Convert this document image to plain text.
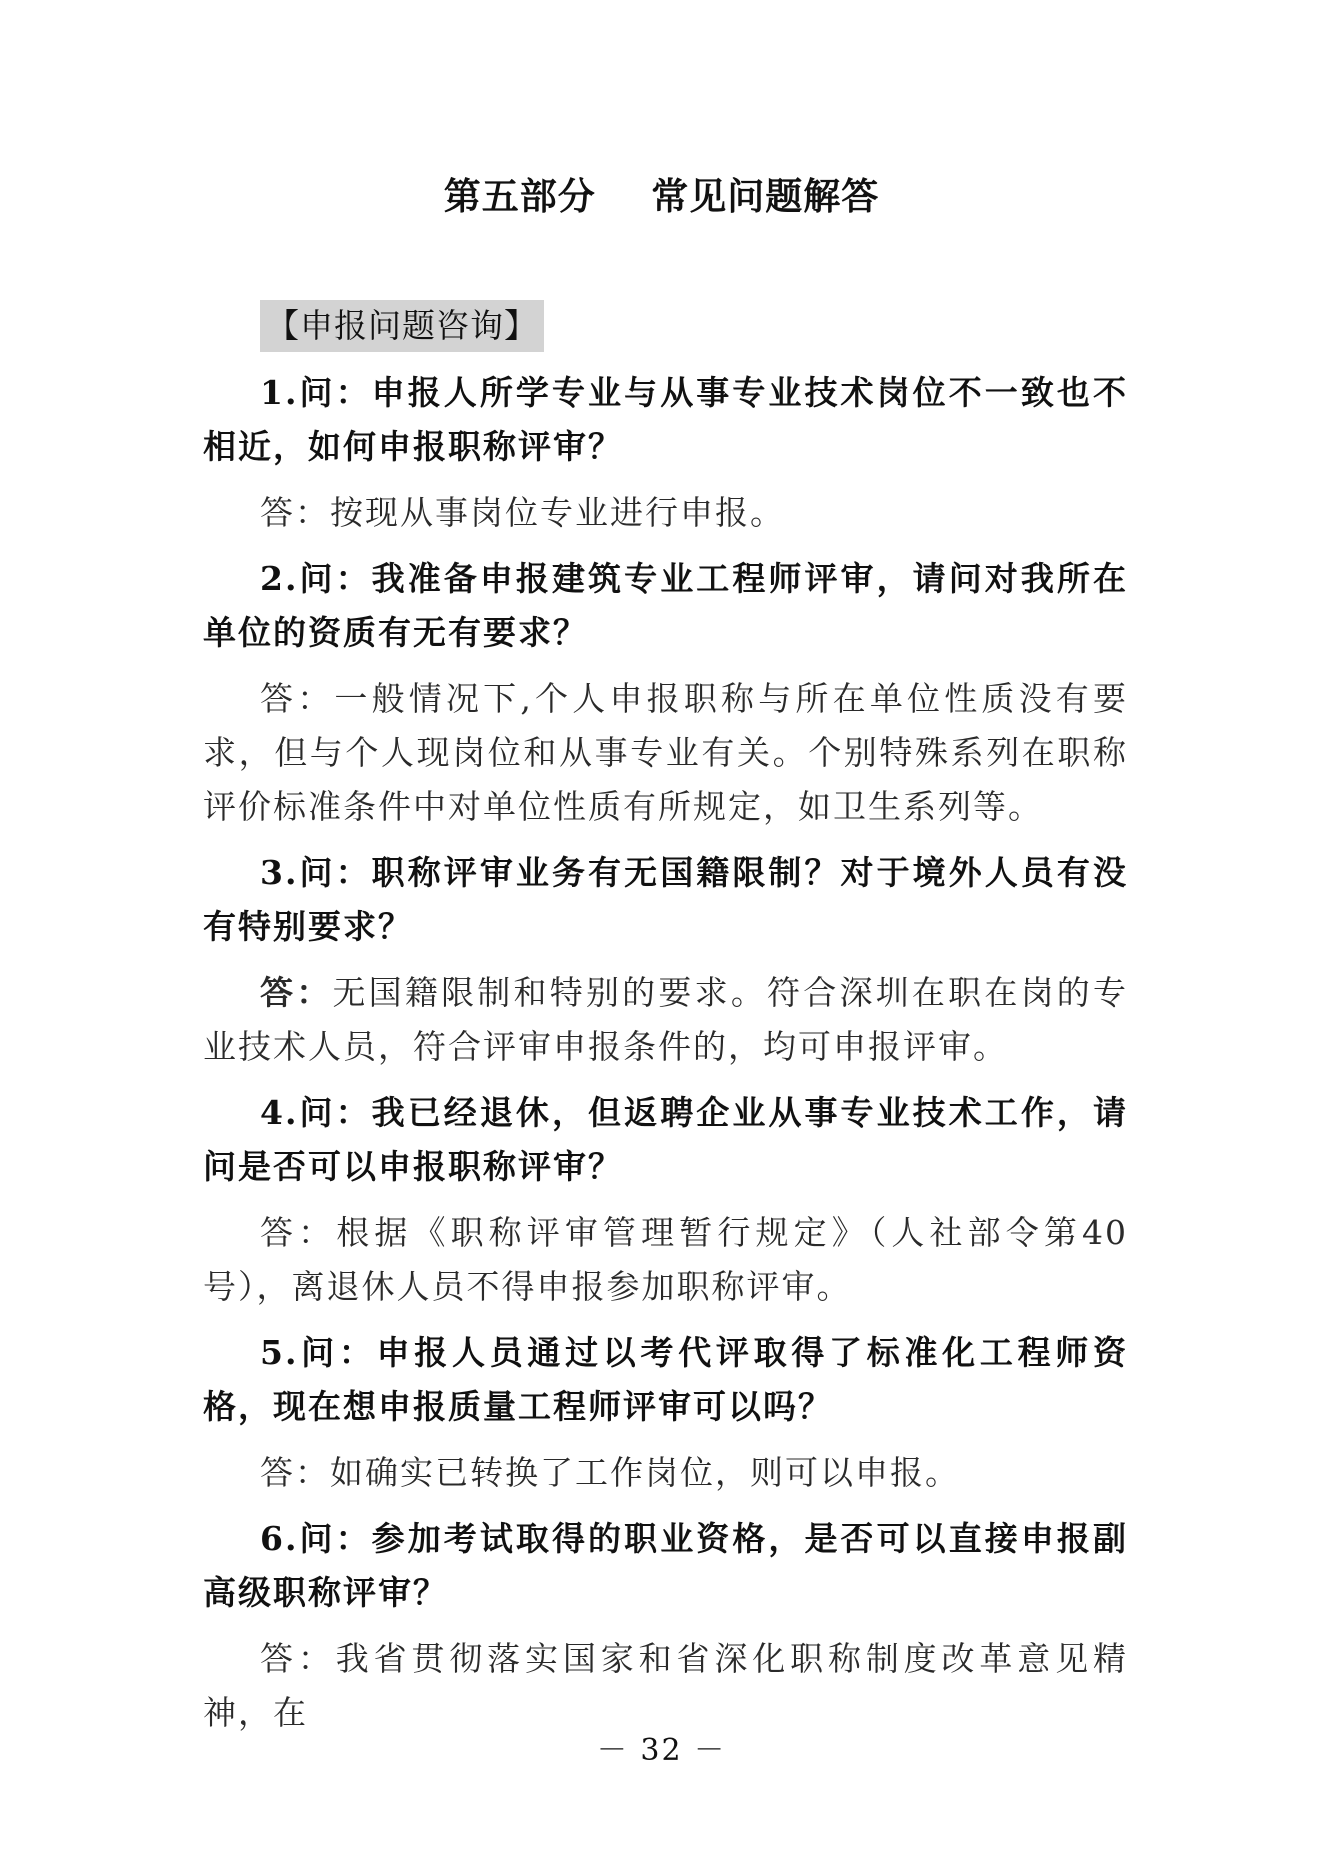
第五部分    常见问题解答
【申报问题咨询】

1.问：申报人所学专业与从事专业技术岗位不一致也不相近，如何申报职称评审？

答：按现从事岗位专业进行申报。

2.问：我准备申报建筑专业工程师评审，请问对我所在单位的资质有无有要求？

答：一般情况下,个人申报职称与所在单位性质没有要求，但与个人现岗位和从事专业有关。个别特殊系列在职称评价标准条件中对单位性质有所规定，如卫生系列等。

3.问：职称评审业务有无国籍限制？对于境外人员有没有特别要求？

答：无国籍限制和特别的要求。符合深圳在职在岗的专业技术人员，符合评审申报条件的，均可申报评审。

4.问：我已经退休，但返聘企业从事专业技术工作，请问是否可以申报职称评审？

答：根据《职称评审管理暂行规定》（人社部令第40号），离退休人员不得申报参加职称评审。

5.问：申报人员通过以考代评取得了标准化工程师资格，现在想申报质量工程师评审可以吗？

答：如确实已转换了工作岗位，则可以申报。

6.问：参加考试取得的职业资格，是否可以直接申报副高级职称评审？

答：我省贯彻落实国家和省深化职称制度改革意见精神，在

－ 32 －
